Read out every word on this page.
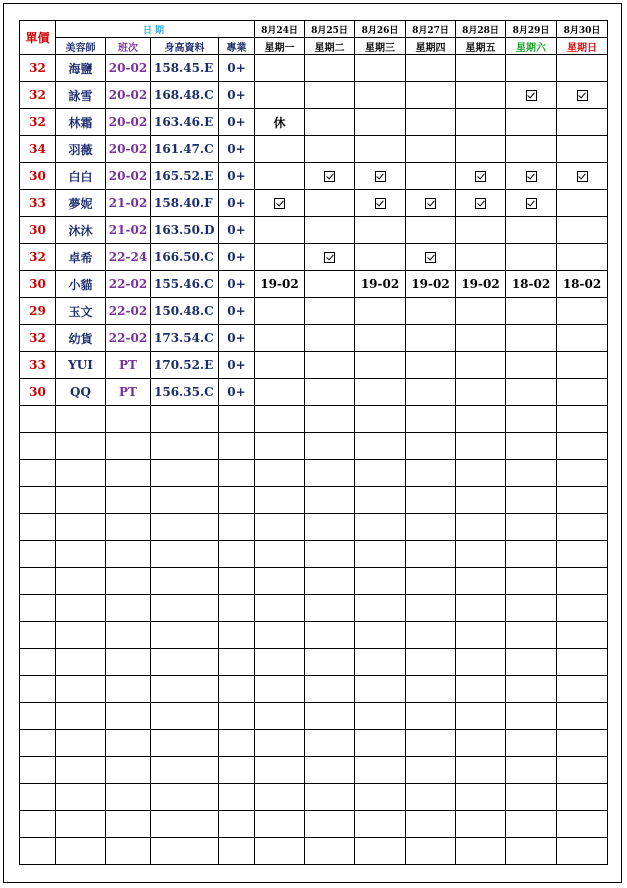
單價	日期				8月24日	8月25日	8月26日	8月27日	8月28日	8月29日	8月30日
	美容師	班次	身高資料	專業	星期一	星期二	星期三	星期四	星期五	星期六	星期日
32	海鹽	20-02	158.45.E	0+							
32	詠雪	20-02	168.48.C	0+							
32	林霜	20-02	163.46.E	0+	休						
34	羽薇	20-02	161.47.C	0+							
30	白白	20-02	165.52.E	0+							
33	夢妮	21-02	158.40.F	0+							
30	沐沐	21-02	163.50.D	0+							
32	卓希	22-24	166.50.C	0+							
30	小貓	22-02	155.46.C	0+	19-02		19-02	19-02	19-02	18-02	18-02
29	玉文	22-02	150.48.C	0+							
32	幼貨	22-02	173.54.C	0+							
33	YUI	PT	170.52.E	0+							
30	QQ	PT	156.35.C	0+							
